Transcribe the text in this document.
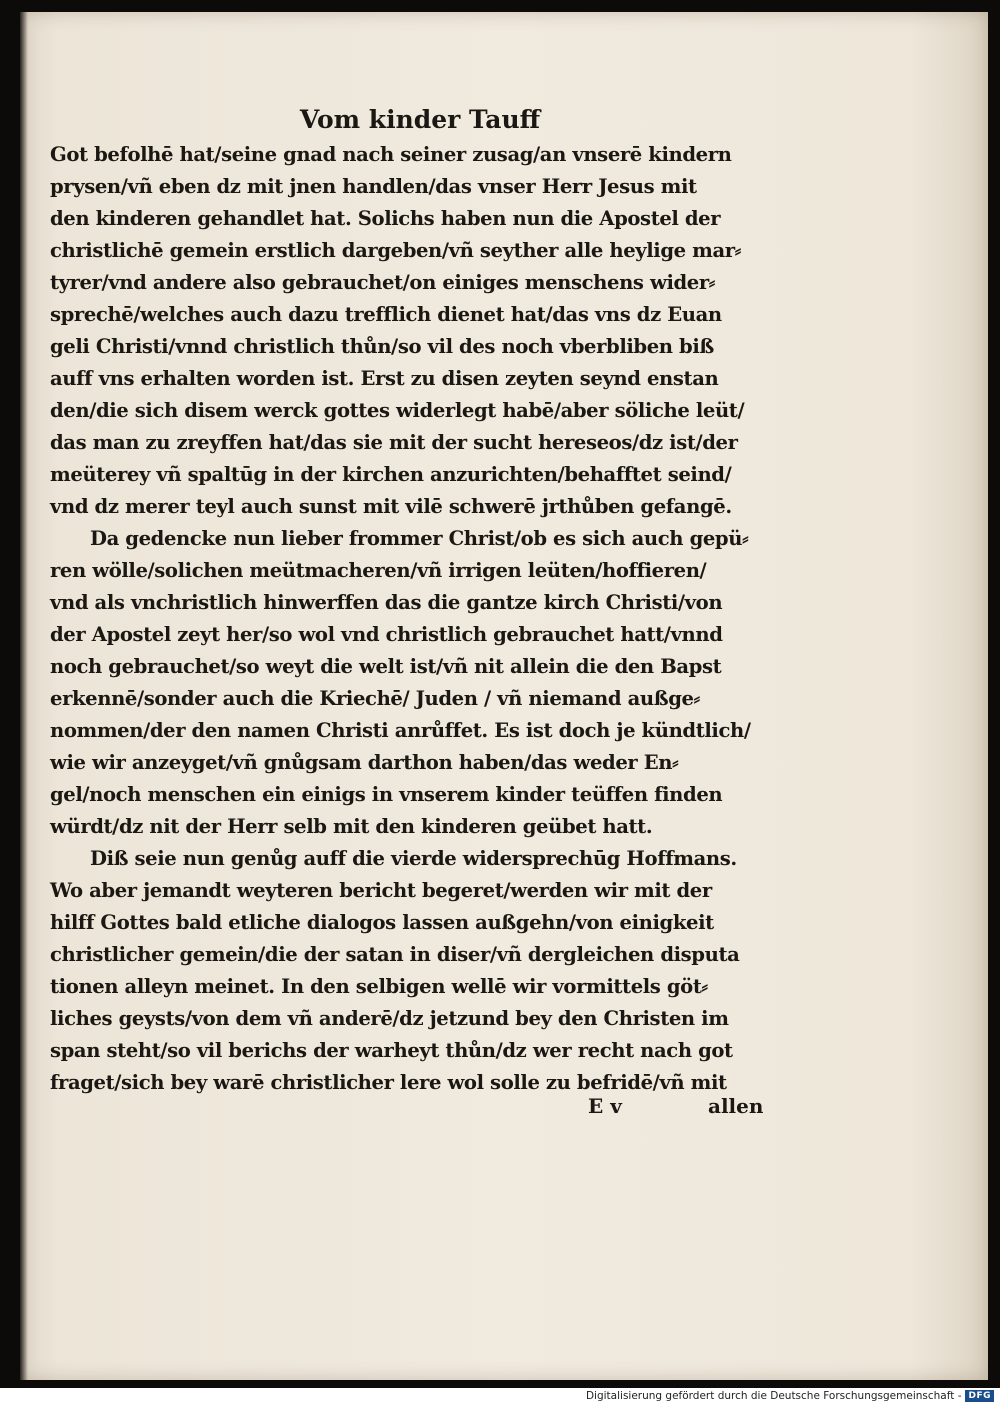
Vom kinder Tauff
Got befolhē hat/seine gnad nach seiner zusag/an vnserē kindern
prysen/vñ eben dz mit jnen handlen/das vnser Herr Jesus mit
den kinderen gehandlet hat. Solichs haben nun die Apostel der
christlichē gemein erstlich dargeben/vñ seyther alle heylige mar⸗
tyrer/vnd andere also gebrauchet/on einiges menschens wider⸗
sprechē/welches auch dazu trefflich dienet hat/das vns dz Euan
geli Christi/vnnd christlich thůn/so vil des noch vberbliben biß
auff vns erhalten worden ist. Erst zu disen zeyten seynd enstan
den/die sich disem werck gottes widerlegt habē/aber söliche leüt/
das man zu zreyffen hat/das sie mit der sucht hereseos/dz ist/der
meüterey vñ spaltūg in der kirchen anzurichten/behafftet seind/
vnd dz merer teyl auch sunst mit vilē schwerē jrthůben gefangē.
Da gedencke nun lieber frommer Christ/ob es sich auch gepü⸗
ren wölle/solichen meütmacheren/vñ irrigen leüten/hoffieren/
vnd als vnchristlich hinwerffen das die gantze kirch Christi/von
der Apostel zeyt her/so wol vnd christlich gebrauchet hatt/vnnd
noch gebrauchet/so weyt die welt ist/vñ nit allein die den Bapst
erkennē/sonder auch die Kriechē/ Juden / vñ niemand außge⸗
nommen/der den namen Christi anrůffet. Es ist doch je kündtlich/
wie wir anzeyget/vñ gnůgsam darthon haben/das weder En⸗
gel/noch menschen ein einigs in vnserem kinder teüffen finden
würdt/dz nit der Herr selb mit den kinderen geübet hatt.
Diß seie nun genůg auff die vierde widersprechūg Hoffmans.
Wo aber jemandt weyteren bericht begeret/werden wir mit der
hilff Gottes bald etliche dialogos lassen außgehn/von einigkeit
christlicher gemein/die der satan in diser/vñ dergleichen disputa
tionen alleyn meinet. In den selbigen wellē wir vormittels göt⸗
liches geysts/von dem vñ anderē/dz jetzund bey den Christen im
span steht/so vil berichs der warheyt thůn/dz wer recht nach got
fraget/sich bey warē christlicher lere wol solle zu befridē/vñ mit
E v	allen
Digitalisierung gefördert durch die Deutsche Forschungsgemeinschaft - DFG
